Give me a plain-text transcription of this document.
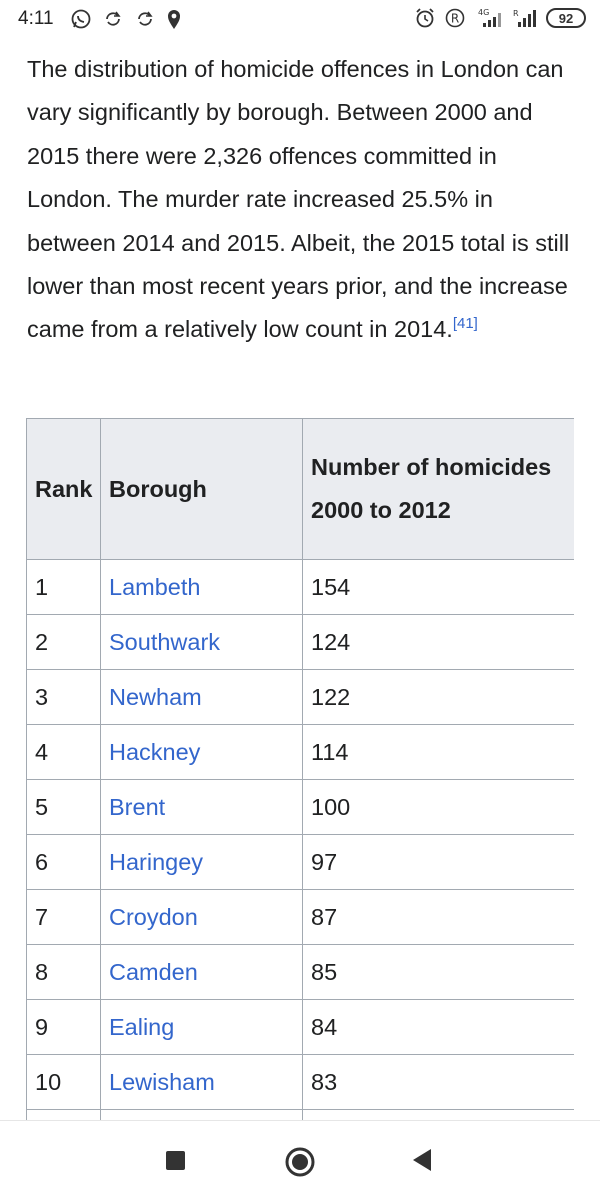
4:11	R 4G	R	92

The distribution of homicide offences in London can vary significantly by borough. Between 2000 and 2015 there were 2,326 offences committed in London. The murder rate increased 25.5% in between 2014 and 2015. Albeit, the 2015 total is still lower than most recent years prior, and the increase came from a relatively low count in 2014.[41]

Rank	Borough	Number of homicides 2000 to 2012
1	Lambeth	154
2	Southwark	124
3	Newham	122
4	Hackney	114
5	Brent	100
6	Haringey	97
7	Croydon	87
8	Camden	85
9	Ealing	84
10	Lewisham	83
